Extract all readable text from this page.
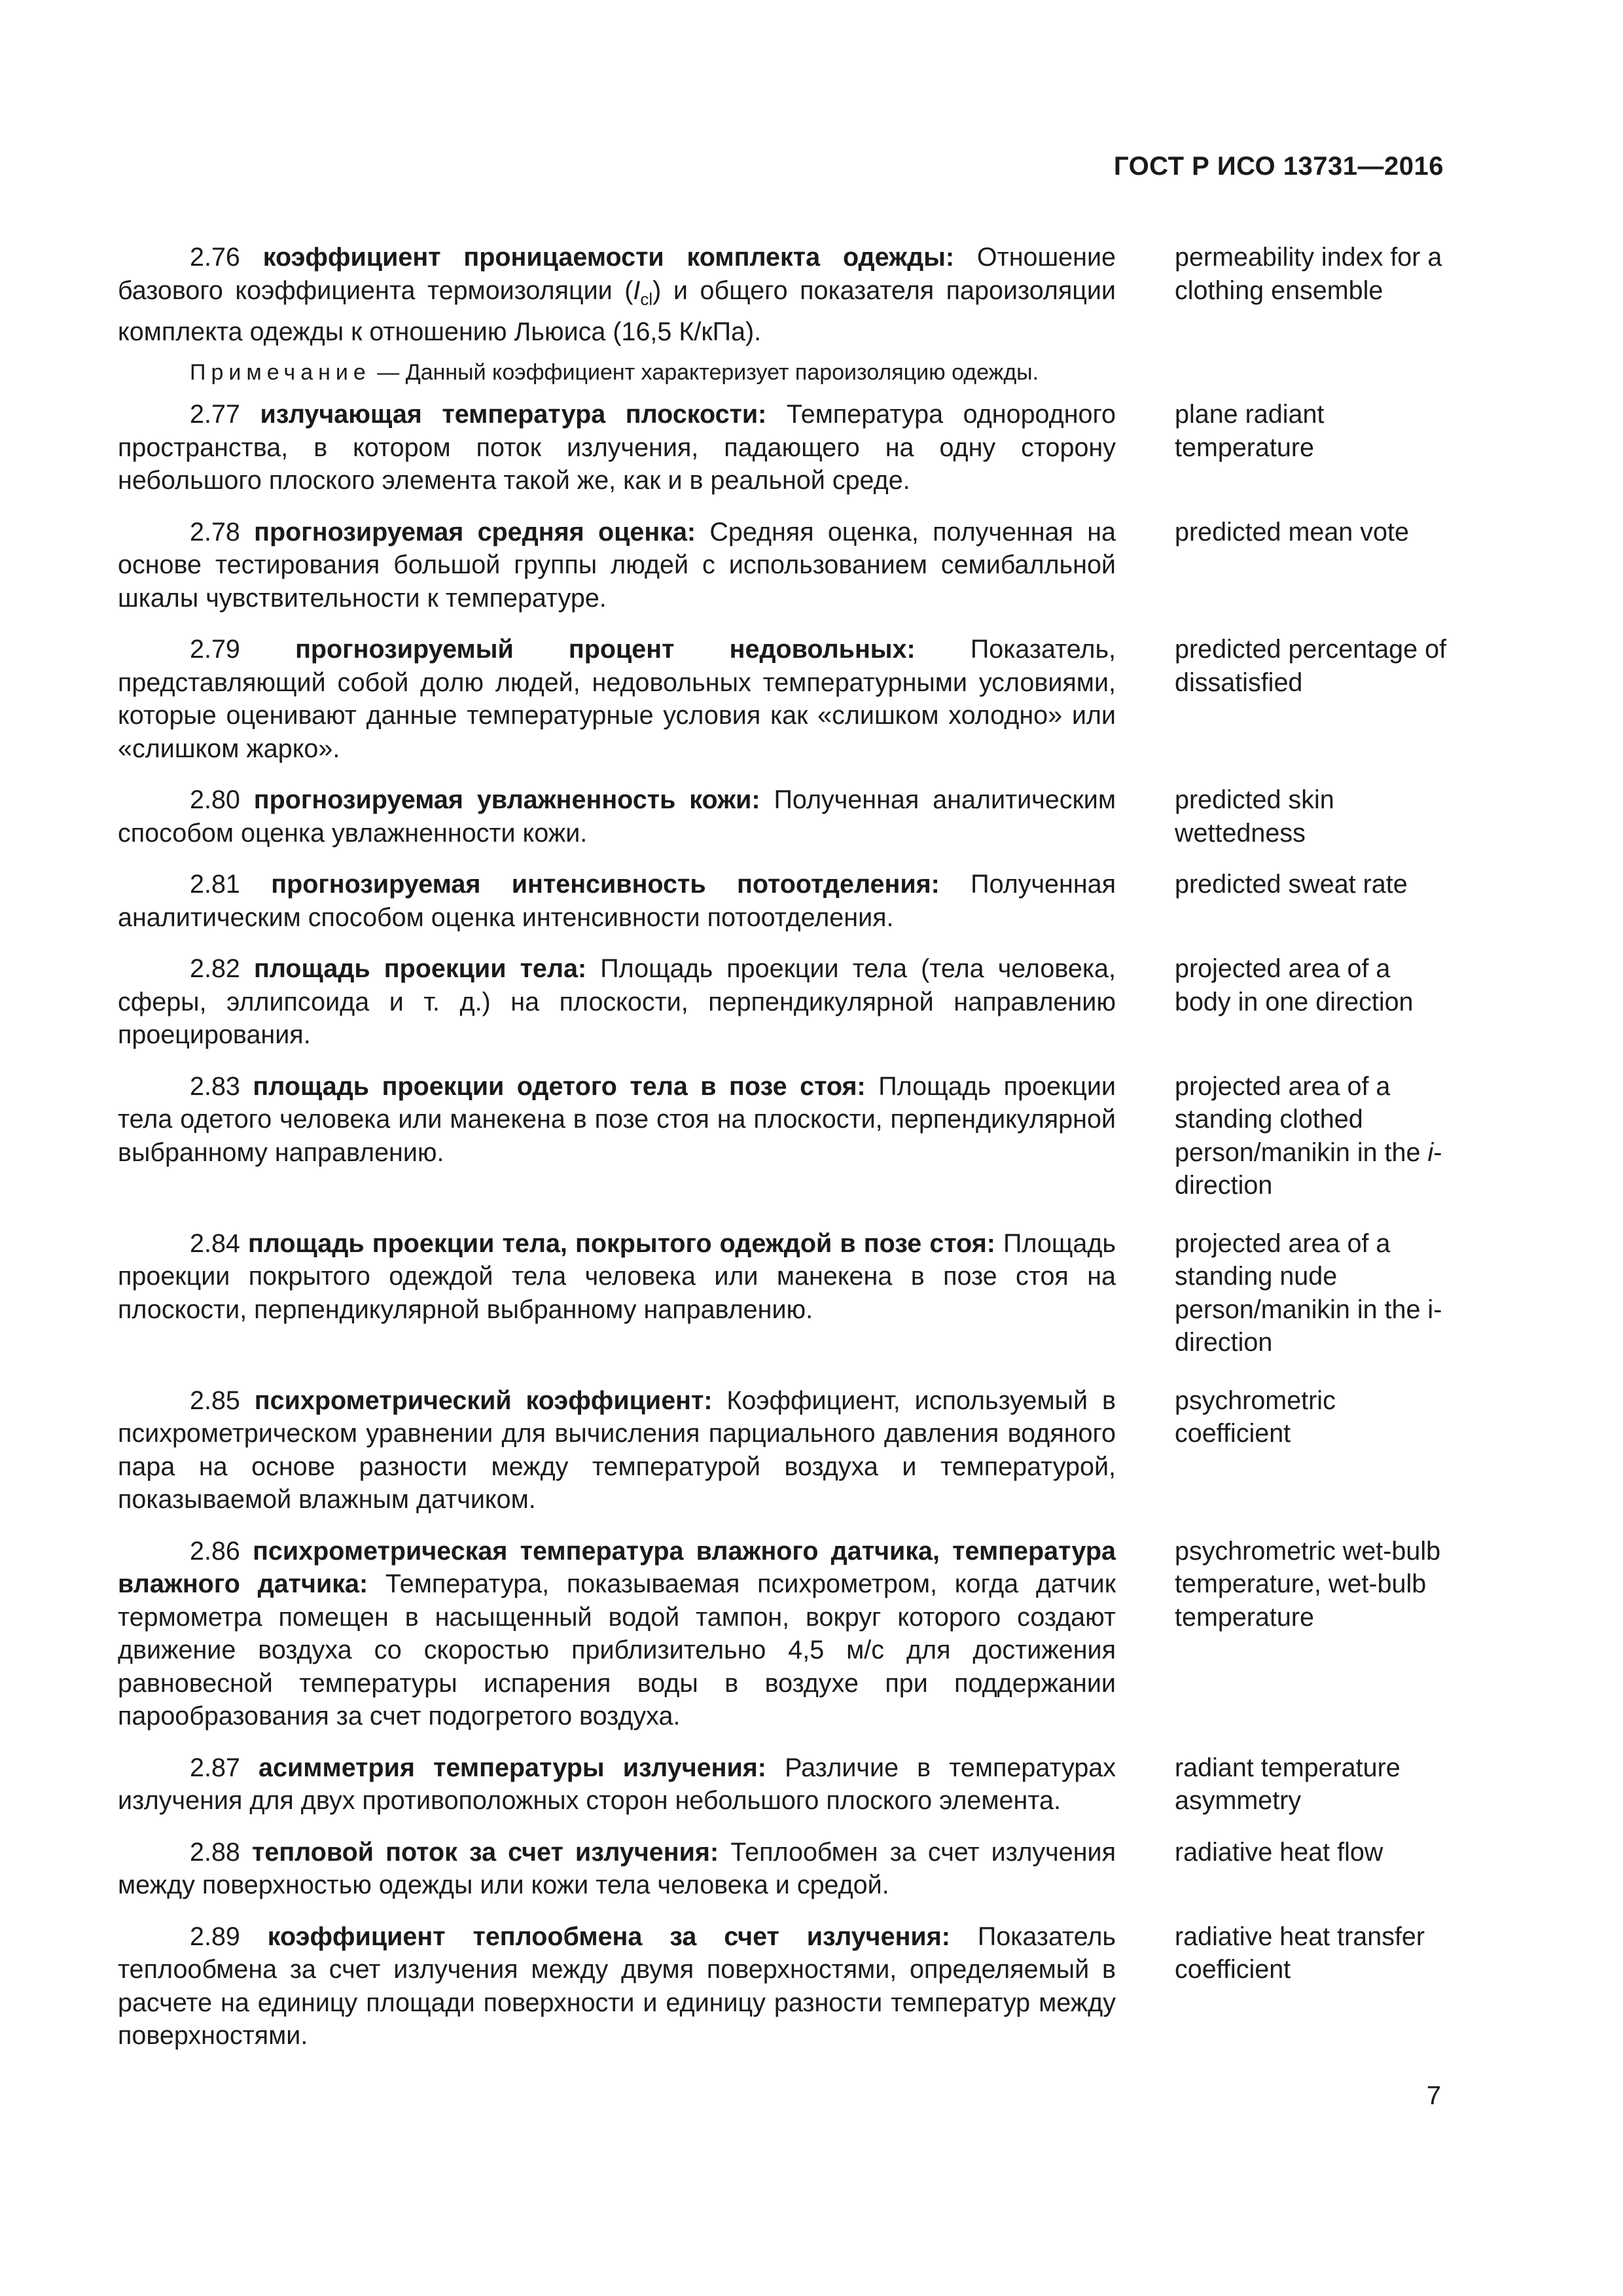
ГОСТ Р ИСО 13731—2016

2.76 коэффициент проницаемости комплекта одежды: Отношение базового коэффициента термоизоляции $(I_{cl})$ и общего показателя пароизоляции комплекта одежды к отношению Льюиса (16,5 К/кПа).

permeability index for a clothing ensemble

Примечание — Данный коэффициент характеризует пароизоляцию одежды.

2.77 излучающая температура плоскости: Температура однородного пространства, в котором поток излучения, падающего на одну сторону небольшого плоского элемента такой же, как и в реальной среде.

plane radiant temperature

2.78 прогнозируемая средняя оценка: Средняя оценка, полученная на основе тестирования большой группы людей с использованием семибалльной шкалы чувствительности к температуре.

predicted mean vote

2.79 прогнозируемый процент недовольных: Показатель, представляющий собой долю людей, недовольных температурными условиями, которые оценивают данные температурные условия как «слишком холодно» или «слишком жарко».

predicted percentage of dissatisfied

2.80 прогнозируемая увлажненность кожи: Полученная аналитическим способом оценка увлажненности кожи.

predicted skin wettedness

2.81 прогнозируемая интенсивность потоотделения: Полученная аналитическим способом оценка интенсивности потоотделения.

predicted sweat rate

2.82 площадь проекции тела: Площадь проекции тела (тела человека, сферы, эллипсоида и т. д.) на плоскости, перпендикулярной направлению проецирования.

projected area of a body in one direction

2.83 площадь проекции одетого тела в позе стоя: Площадь проекции тела одетого человека или манекена в позе стоя на плоскости, перпендикулярной выбранному направлению.

projected area of a standing clothed person/manikin in the i-direction

2.84 площадь проекции тела, покрытого одеждой в позе стоя: Площадь проекции покрытого одеждой тела человека или манекена в позе стоя на плоскости, перпендикулярной выбранному направлению.

projected area of a standing nude person/manikin in the i-direction

2.85 психрометрический коэффициент: Коэффициент, используемый в психрометрическом уравнении для вычисления парциального давления водяного пара на основе разности между температурой воздуха и температурой, показываемой влажным датчиком.

psychrometric coefficient

2.86 психрометрическая температура влажного датчика, температура влажного датчика: Температура, показываемая психрометром, когда датчик термометра помещен в насыщенный водой тампон, вокруг которого создают движение воздуха со скоростью приблизительно 4,5 м/с для достижения равновесной температуры испарения воды в воздухе при поддержании парообразования за счет подогретого воздуха.

psychrometric wet-bulb temperature, wet-bulb temperature

2.87 асимметрия температуры излучения: Различие в температурах излучения для двух противоположных сторон небольшого плоского элемента.

radiant temperature asymmetry

2.88 тепловой поток за счет излучения: Теплообмен за счет излучения между поверхностью одежды или кожи тела человека и средой.

radiative heat flow

2.89 коэффициент теплообмена за счет излучения: Показатель теплообмена за счет излучения между двумя поверхностями, определяемый в расчете на единицу площади поверхности и единицу разности температур между поверхностями.

radiative heat transfer coefficient

7
